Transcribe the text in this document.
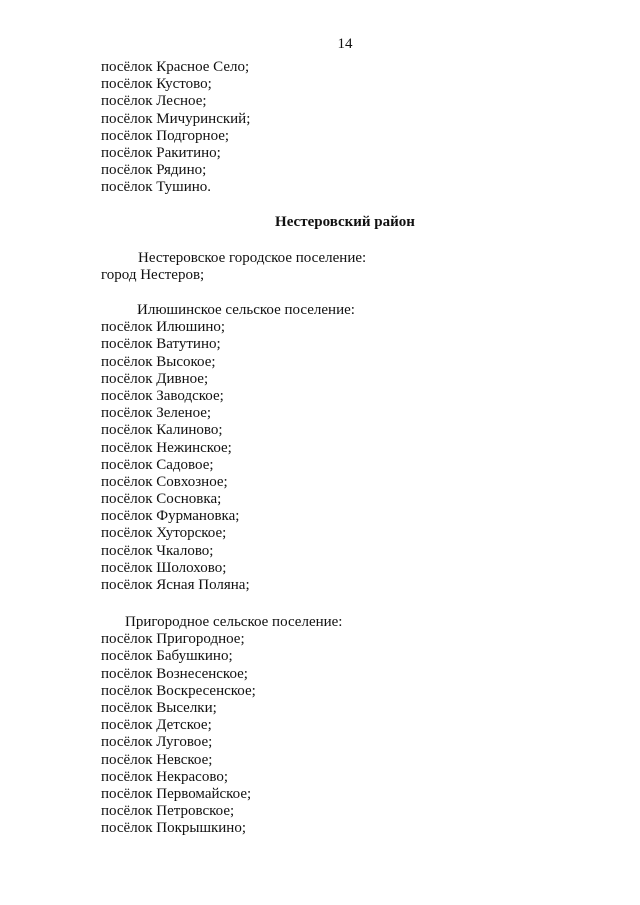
14
посёлок Красное Село;
посёлок Кустово;
посёлок Лесное;
посёлок Мичуринский;
посёлок Подгорное;
посёлок Ракитино;
посёлок Рядино;
посёлок Тушино.
Нестеровский район
Нестеровское городское поселение:
город Нестеров;
Илюшинское сельское поселение:
посёлок Илюшино;
посёлок Ватутино;
посёлок Высокое;
посёлок Дивное;
посёлок Заводское;
посёлок Зеленое;
посёлок Калиново;
посёлок Нежинское;
посёлок Садовое;
посёлок Совхозное;
посёлок Сосновка;
посёлок Фурмановка;
посёлок Хуторское;
посёлок Чкалово;
посёлок Шолохово;
посёлок Ясная Поляна;
Пригородное сельское поселение:
посёлок Пригородное;
посёлок Бабушкино;
посёлок Вознесенское;
посёлок Воскресенское;
посёлок Выселки;
посёлок Детское;
посёлок Луговое;
посёлок Невское;
посёлок Некрасово;
посёлок Первомайское;
посёлок Петровское;
посёлок Покрышкино;
